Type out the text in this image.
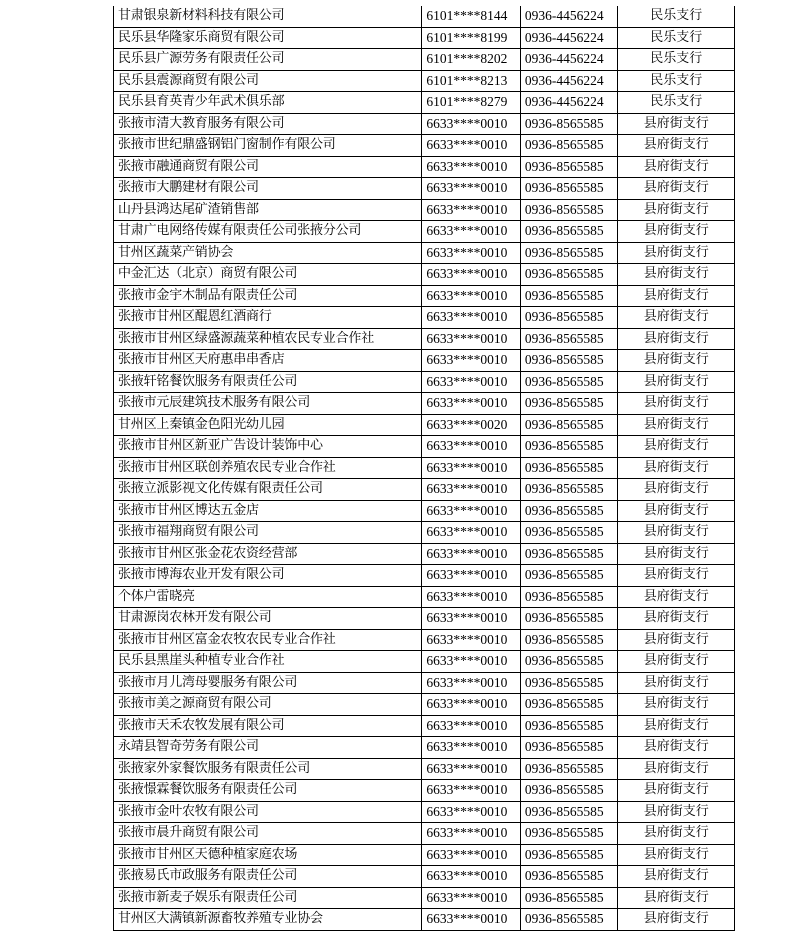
甘肃银泉新材料科技有限公司	6101****8144	0936-4456224	民乐支行
民乐县华隆家乐商贸有限公司	6101****8199	0936-4456224	民乐支行
民乐县广源劳务有限责任公司	6101****8202	0936-4456224	民乐支行
民乐县震源商贸有限公司	6101****8213	0936-4456224	民乐支行
民乐县育英青少年武术俱乐部	6101****8279	0936-4456224	民乐支行
张掖市清大教育服务有限公司	6633****0010	0936-8565585	县府街支行
张掖市世纪鼎盛钢铝门窗制作有限公司	6633****0010	0936-8565585	县府街支行
张掖市融通商贸有限公司	6633****0010	0936-8565585	县府街支行
张掖市大鹏建材有限公司	6633****0010	0936-8565585	县府街支行
山丹县鸿达尾矿渣销售部	6633****0010	0936-8565585	县府街支行
甘肃广电网络传媒有限责任公司张掖分公司	6633****0010	0936-8565585	县府街支行
甘州区蔬菜产销协会	6633****0010	0936-8565585	县府街支行
中金汇达（北京）商贸有限公司	6633****0010	0936-8565585	县府街支行
张掖市金宇木制品有限责任公司	6633****0010	0936-8565585	县府街支行
张掖市甘州区醌恩红酒商行	6633****0010	0936-8565585	县府街支行
张掖市甘州区绿盛源蔬菜种植农民专业合作社	6633****0010	0936-8565585	县府街支行
张掖市甘州区天府惠串串香店	6633****0010	0936-8565585	县府街支行
张掖轩铭餐饮服务有限责任公司	6633****0010	0936-8565585	县府街支行
张掖市元辰建筑技术服务有限公司	6633****0010	0936-8565585	县府街支行
甘州区上秦镇金色阳光幼儿园	6633****0020	0936-8565585	县府街支行
张掖市甘州区新亚广告设计装饰中心	6633****0010	0936-8565585	县府街支行
张掖市甘州区联创养殖农民专业合作社	6633****0010	0936-8565585	县府街支行
张掖立派影视文化传媒有限责任公司	6633****0010	0936-8565585	县府街支行
张掖市甘州区博达五金店	6633****0010	0936-8565585	县府街支行
张掖市福翔商贸有限公司	6633****0010	0936-8565585	县府街支行
张掖市甘州区张金花农资经营部	6633****0010	0936-8565585	县府街支行
张掖市博海农业开发有限公司	6633****0010	0936-8565585	县府街支行
个体户雷晓亮	6633****0010	0936-8565585	县府街支行
甘肃源岗农林开发有限公司	6633****0010	0936-8565585	县府街支行
张掖市甘州区富金农牧农民专业合作社	6633****0010	0936-8565585	县府街支行
民乐县黑崖头种植专业合作社	6633****0010	0936-8565585	县府街支行
张掖市月儿湾母婴服务有限公司	6633****0010	0936-8565585	县府街支行
张掖市美之源商贸有限公司	6633****0010	0936-8565585	县府街支行
张掖市天禾农牧发展有限公司	6633****0010	0936-8565585	县府街支行
永靖县智奇劳务有限公司	6633****0010	0936-8565585	县府街支行
张掖家外家餐饮服务有限责任公司	6633****0010	0936-8565585	县府街支行
张掖憬霖餐饮服务有限责任公司	6633****0010	0936-8565585	县府街支行
张掖市金叶农牧有限公司	6633****0010	0936-8565585	县府街支行
张掖市晨升商贸有限公司	6633****0010	0936-8565585	县府街支行
张掖市甘州区天德种植家庭农场	6633****0010	0936-8565585	县府街支行
张掖易氏市政服务有限责任公司	6633****0010	0936-8565585	县府街支行
张掖市新麦子娱乐有限责任公司	6633****0010	0936-8565585	县府街支行
甘州区大满镇新源畜牧养殖专业协会	6633****0010	0936-8565585	县府街支行
